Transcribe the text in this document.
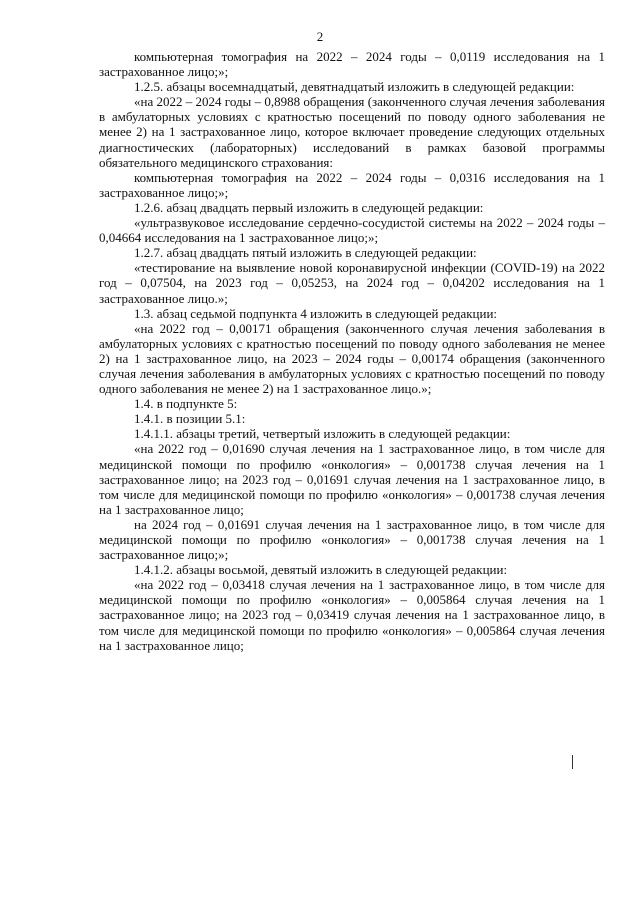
2

компьютерная томография на 2022 – 2024 годы – 0,0119 исследования на 1 застрахованное лицо;»;

1.2.5. абзацы восемнадцатый, девятнадцатый изложить в следующей редакции:

«на 2022 – 2024 годы – 0,8988 обращения (законченного случая лечения заболевания в амбулаторных условиях с кратностью посещений по поводу одного заболевания не менее 2) на 1 застрахованное лицо, которое включает проведение следующих отдельных диагностических (лабораторных) исследований в рамках базовой программы обязательного медицинского страхования:

компьютерная томография на 2022 – 2024 годы – 0,0316 исследования на 1 застрахованное лицо;»;

1.2.6. абзац двадцать первый изложить в следующей редакции:

«ультразвуковое исследование сердечно-сосудистой системы на 2022 – 2024 годы – 0,04664 исследования на 1 застрахованное лицо;»;

1.2.7. абзац двадцать пятый изложить в следующей редакции:

«тестирование на выявление новой коронавирусной инфекции (COVID-19) на 2022 год – 0,07504, на 2023 год – 0,05253, на 2024 год – 0,04202 исследования на 1 застрахованное лицо.»;

1.3. абзац седьмой подпункта 4 изложить в следующей редакции:

«на 2022 год – 0,00171 обращения (законченного случая лечения заболевания в амбулаторных условиях с кратностью посещений по поводу одного заболевания не менее 2) на 1 застрахованное лицо, на 2023 – 2024 годы – 0,00174 обращения (законченного случая лечения заболевания в амбулаторных условиях с кратностью посещений по поводу одного заболевания не менее 2) на 1 застрахованное лицо.»;

1.4. в подпункте 5:

1.4.1. в позиции 5.1:

1.4.1.1. абзацы третий, четвертый изложить в следующей редакции:

«на 2022 год – 0,01690 случая лечения на 1 застрахованное лицо, в том числе для медицинской помощи по профилю «онкология» – 0,001738 случая лечения на 1 застрахованное лицо; на 2023 год – 0,01691 случая лечения на 1 застрахованное лицо, в том числе для медицинской помощи по профилю «онкология» – 0,001738 случая лечения на 1 застрахованное лицо;

на 2024 год – 0,01691 случая лечения на 1 застрахованное лицо, в том числе для медицинской помощи по профилю «онкология» – 0,001738 случая лечения на 1 застрахованное лицо;»;

1.4.1.2. абзацы восьмой, девятый изложить в следующей редакции:

«на 2022 год – 0,03418 случая лечения на 1 застрахованное лицо, в том числе для медицинской помощи по профилю «онкология» – 0,005864 случая лечения на 1 застрахованное лицо; на 2023 год – 0,03419 случая лечения на 1 застрахованное лицо, в том числе для медицинской помощи по профилю «онкология» – 0,005864 случая лечения на 1 застрахованное лицо;
